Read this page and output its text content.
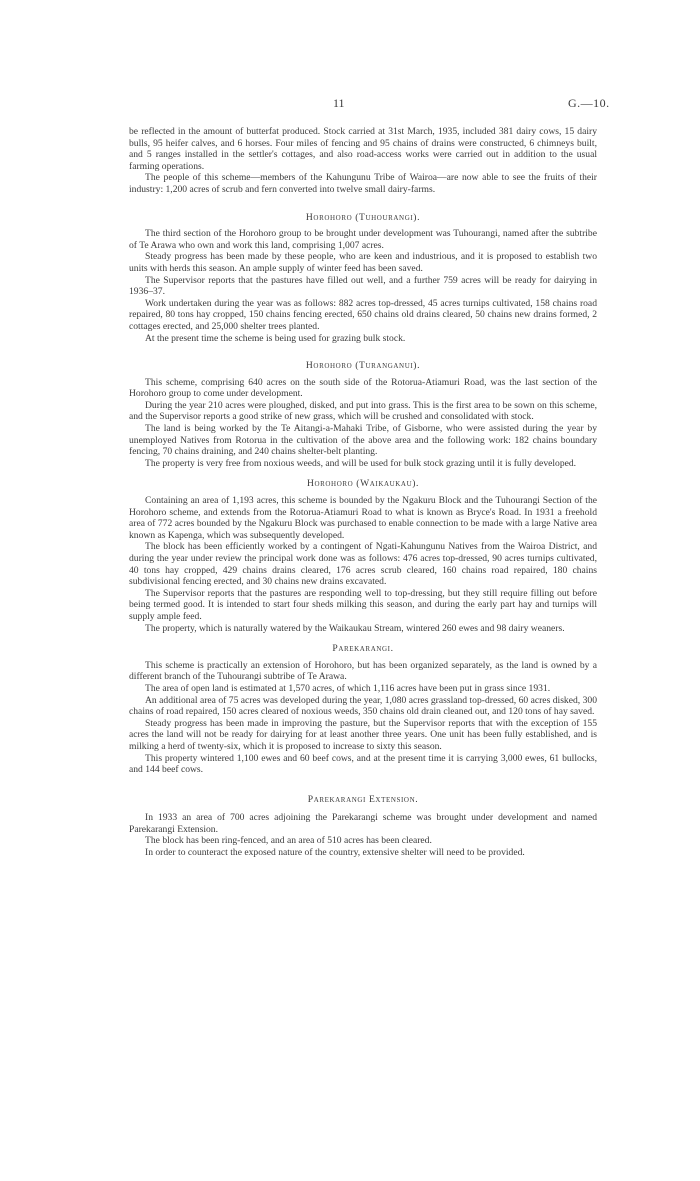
11	G.—10.

be reflected in the amount of butterfat produced. Stock carried at 31st March, 1935, included 381 dairy cows, 15 dairy bulls, 95 heifer calves, and 6 horses. Four miles of fencing and 95 chains of drains were constructed, 6 chimneys built, and 5 ranges installed in the settler's cottages, and also road-access works were carried out in addition to the usual farming operations.

The people of this scheme—members of the Kahungunu Tribe of Wairoa—are now able to see the fruits of their industry: 1,200 acres of scrub and fern converted into twelve small dairy-farms.

Horohoro (Tuhourangi).

The third section of the Horohoro group to be brought under development was Tuhourangi, named after the subtribe of Te Arawa who own and work this land, comprising 1,007 acres.

Steady progress has been made by these people, who are keen and industrious, and it is proposed to establish two units with herds this season. An ample supply of winter feed has been saved.

The Supervisor reports that the pastures have filled out well, and a further 759 acres will be ready for dairying in 1936–37.

Work undertaken during the year was as follows: 882 acres top-dressed, 45 acres turnips cultivated, 158 chains road repaired, 80 tons hay cropped, 150 chains fencing erected, 650 chains old drains cleared, 50 chains new drains formed, 2 cottages erected, and 25,000 shelter trees planted.

At the present time the scheme is being used for grazing bulk stock.

Horohoro (Turanganui).

This scheme, comprising 640 acres on the south side of the Rotorua-Atiamuri Road, was the last section of the Horohoro group to come under development.

During the year 210 acres were ploughed, disked, and put into grass. This is the first area to be sown on this scheme, and the Supervisor reports a good strike of new grass, which will be crushed and consolidated with stock.

The land is being worked by the Te Aitangi-a-Mahaki Tribe, of Gisborne, who were assisted during the year by unemployed Natives from Rotorua in the cultivation of the above area and the following work: 182 chains boundary fencing, 70 chains draining, and 240 chains shelter-belt planting.

The property is very free from noxious weeds, and will be used for bulk stock grazing until it is fully developed.

Horohoro (Waikaukau).

Containing an area of 1,193 acres, this scheme is bounded by the Ngakuru Block and the Tuhourangi Section of the Horohoro scheme, and extends from the Rotorua-Atiamuri Road to what is known as Bryce's Road. In 1931 a freehold area of 772 acres bounded by the Ngakuru Block was purchased to enable connection to be made with a large Native area known as Kapenga, which was subsequently developed.

The block has been efficiently worked by a contingent of Ngati-Kahungunu Natives from the Wairoa District, and during the year under review the principal work done was as follows: 476 acres top-dressed, 90 acres turnips cultivated, 40 tons hay cropped, 429 chains drains cleared, 176 acres scrub cleared, 160 chains road repaired, 180 chains subdivisional fencing erected, and 30 chains new drains excavated.

The Supervisor reports that the pastures are responding well to top-dressing, but they still require filling out before being termed good. It is intended to start four sheds milking this season, and during the early part hay and turnips will supply ample feed.

The property, which is naturally watered by the Waikaukau Stream, wintered 260 ewes and 98 dairy weaners.

Parekarangi.

This scheme is practically an extension of Horohoro, but has been organized separately, as the land is owned by a different branch of the Tuhourangi subtribe of Te Arawa.

The area of open land is estimated at 1,570 acres, of which 1,116 acres have been put in grass since 1931.

An additional area of 75 acres was developed during the year, 1,080 acres grassland top-dressed, 60 acres disked, 300 chains of road repaired, 150 acres cleared of noxious weeds, 350 chains old drain cleaned out, and 120 tons of hay saved.

Steady progress has been made in improving the pasture, but the Supervisor reports that with the exception of 155 acres the land will not be ready for dairying for at least another three years. One unit has been fully established, and is milking a herd of twenty-six, which it is proposed to increase to sixty this season.

This property wintered 1,100 ewes and 60 beef cows, and at the present time it is carrying 3,000 ewes, 61 bullocks, and 144 beef cows.

Parekarangi Extension.

In 1933 an area of 700 acres adjoining the Parekarangi scheme was brought under development and named Parekarangi Extension.

The block has been ring-fenced, and an area of 510 acres has been cleared.

In order to counteract the exposed nature of the country, extensive shelter will need to be provided.
